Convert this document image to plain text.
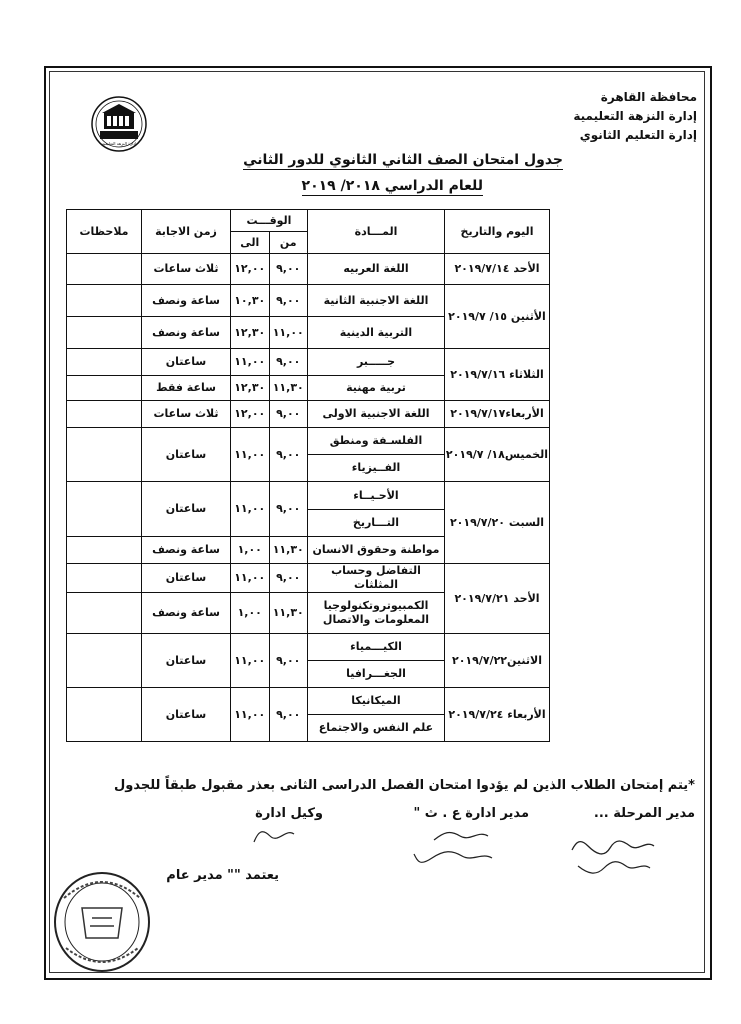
إدارة النزهة التعليمية
محافظة القاهرة
إدارة النزهة التعليمية
إدارة التعليم الثانوي
جدول امتحان الصف الثاني الثانوي للدور الثاني
للعام الدراسي ٢٠١٨/ ٢٠١٩
اليوم والتاريخ	المـــادة	الوقـــت		زمن الاجابة	ملاحظات
		من	الى		
الأحد ٢٠١٩/٧/١٤	اللغة العربيه	٩,٠٠	١٢,٠٠	ثلاث ساعات	
الأثنين ١٥/ ٢٠١٩/٧	اللغة الاجنبية الثانية	٩,٠٠	١٠,٣٠	ساعة ونصف	
	التربية الدينية	١١,٠٠	١٢,٣٠	ساعة ونصف	
الثلاثاء ٢٠١٩/٧/١٦	جـــــبر	٩,٠٠	١١,٠٠	ساعتان	
	تربية مهنية	١١,٣٠	١٢,٣٠	ساعة فقط	
الأربعاء٢٠١٩/٧/١٧	اللغة الاجنبية الاولى	٩,٠٠	١٢,٠٠	ثلاث ساعات	
الخميس١٨/ ٢٠١٩/٧	الفلسـفة ومنطق	٩,٠٠	١١,٠٠	ساعتان	
	الفــيزياء				
السبت ٢٠١٩/٧/٢٠	الأحـيــاء	٩,٠٠	١١,٠٠	ساعتان	
	التـــاريخ				
	مواطنة وحقوق الانسان	١١,٣٠	١,٠٠	ساعة ونصف	
الأحد ٢٠١٩/٧/٢١	التفاضل وحساب المثلثات	٩,٠٠	١١,٠٠	ساعتان	
	الكمبيوتروتكنولوجيا المعلومات والاتصال	١١,٣٠	١,٠٠	ساعة ونصف	
الاثنين٢٠١٩/٧/٢٢	الكيـــمياء	٩,٠٠	١١,٠٠	ساعتان	
	الجغـــرافيا				
الأربعاء ٢٠١٩/٧/٢٤	الميكانيكا	٩,٠٠	١١,٠٠	ساعتان	
	علم النفس والاجتماع				
*يتم إمتحان الطلاب الذين لم يؤدوا امتحان الفصل الدراسى الثانى بعذر مقبول طبقاً للجدول
مدير المرحلة ...
مدير ادارة ع . ث "
وكيل ادارة
يعتمد "" مدير عام
